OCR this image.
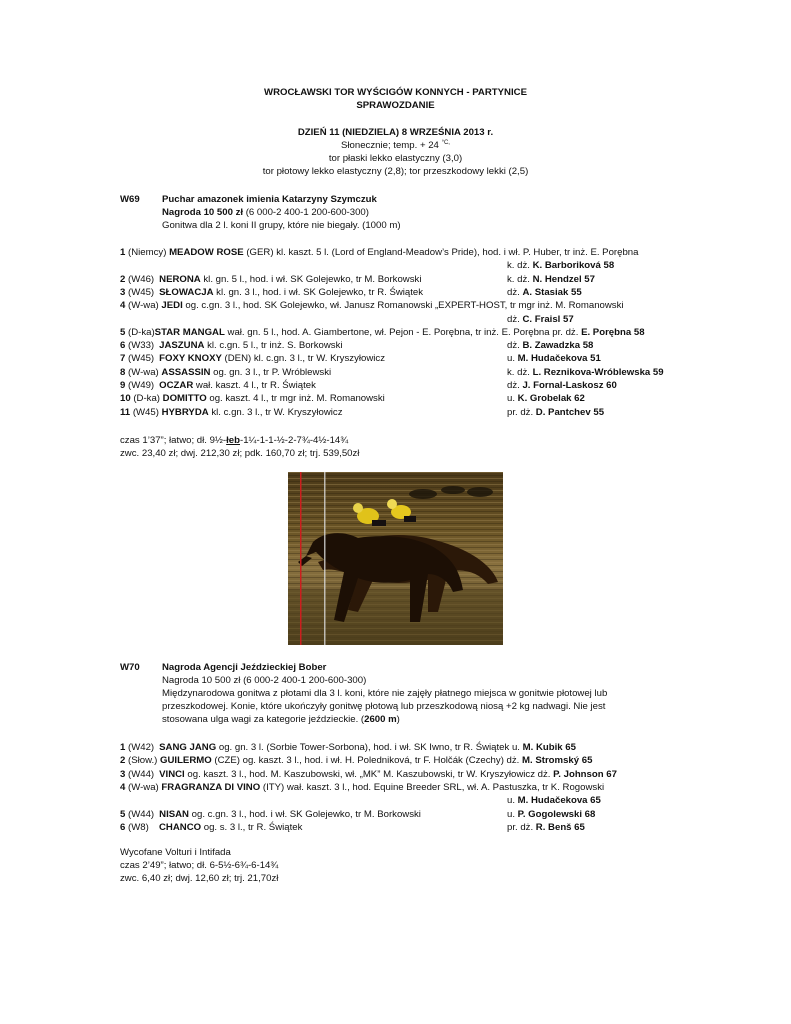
WROCŁAWSKI TOR WYŚCIGÓW KONNYCH - PARTYNICE
SPRAWOZDANIE
DZIEŃ 11 (NIEDZIELA) 8 WRZEŚNIA 2013 r.
Słonecznie; temp. + 24 $^{^\circ C,}$
tor płaski lekko elastyczny (3,0)
tor płotowy lekko elastyczny (2,8); tor przeszkodowy lekki (2,5)
W69 Puchar amazonek imienia Katarzyny Szymczuk
Nagroda 10 500 zł (6 000-2 400-1 200-600-300)
Gonitwa dla 2 l. koni II grupy, które nie biegały. (1000 m)
1 (Niemcy) MEADOW ROSE (GER) kl. kaszt. 5 l. (Lord of England-Meadow’s Pride), hod. i wł. P. Huber, tr inż. E. Porębna
k. dż. K. Barboriková 58
2 (W46) NERONA kl. gn. 5 l., hod. i wł. SK Golejewko, tr M. Borkowski	k. dż. N. Hendzel 57
3 (W45) SŁOWACJA kl. gn. 3 l., hod. i wł. SK Golejewko, tr R. Świątek	dż. A. Stasiak 55
4 (W-wa) JEDI og. c.gn. 3 l., hod. SK Golejewko, wł. Janusz Romanowski „EXPERT-HOST, tr mgr inż. M. Romanowski
dż. C. Fraisl 57
5 (D-ka)STAR MANGAL wał. gn. 5 l., hod. A. Giambertone, wł. Pejon - E. Porębna, tr inż. E. Porębna pr. dż. E. Porębna 58
6 (W33) JASZUNA kl. c.gn. 5 l., tr inż. S. Borkowski	dż. B. Zawadzka 58
7 (W45) FOXY KNOXY (DEN) kl. c.gn. 3 l., tr W. Kryszyłowicz	u. M. Hudačekova 51
8 (W-wa) ASSASSIN og. gn. 3 l., tr P. Wróblewski	k. dż. L. Reznikova-Wróblewska 59
9 (W49) OCZAR wał. kaszt. 4 l., tr R. Świątek	dż. J. Fornal-Laskosz 60
10 (D-ka) DOMITTO og. kaszt. 4 l., tr mgr inż. M. Romanowski	u. K. Grobelak 62
11 (W45) HYBRYDA kl. c.gn. 3 l., tr W. Kryszyłowicz	pr. dż. D. Pantchev 55
czas 1’37”; łatwo; dł. 9½-łeb-1¼-1-1-½-2-7¾-4½-14¾
zwc. 23,40 zł; dwj. 212,30 zł; pdk. 160,70 zł; trj. 539,50zł
W70 Nagroda Agencji Jeździeckiej Bober
Nagroda 10 500 zł (6 000-2 400-1 200-600-300)
Międzynarodowa gonitwa z płotami dla 3 l. koni, które nie zajęły płatnego miejsca w gonitwie płotowej lub
przeszkodowej. Konie, które ukończyły gonitwę płotową lub przeszkodową niosą +2 kg nadwagi. Nie jest
stosowana ulga wagi za kategorie jeździeckie. (2600 m)
1 (W42) SANG JANG og. gn. 3 l. (Sorbie Tower-Sorbona), hod. i wł. SK Iwno, tr R. Świątek u. M. Kubik 65
2 (Słow.) GUILERMO (CZE) og. kaszt. 3 l., hod. i wł. H. Poledniková, tr F. Holčák (Czechy) dż. M. Stromský 65
3 (W44) VINCI og. kaszt. 3 l., hod. M. Kaszubowski, wł. „MK” M. Kaszubowski, tr W. Kryszyłowicz dż. P. Johnson 67
4 (W-wa) FRAGRANZA DI VINO (ITY) wał. kaszt. 3 l., hod. Equine Breeder SRL, wł. A. Pastuszka, tr K. Rogowski
u. M. Hudačekova 65
5 (W44) NISAN og. c.gn. 3 l., hod. i wł. SK Golejewko, tr M. Borkowski	u. P. Gogolewski 68
6 (W8) CHANCO og. s. 3 l., tr R. Świątek	pr. dż. R. Benš 65
Wycofane Volturi i Intifada
czas 2’49”; łatwo; dł. 6-5½-6¾-6-14¾
zwc. 6,40 zł; dwj. 12,60 zł; trj. 21,70zł
